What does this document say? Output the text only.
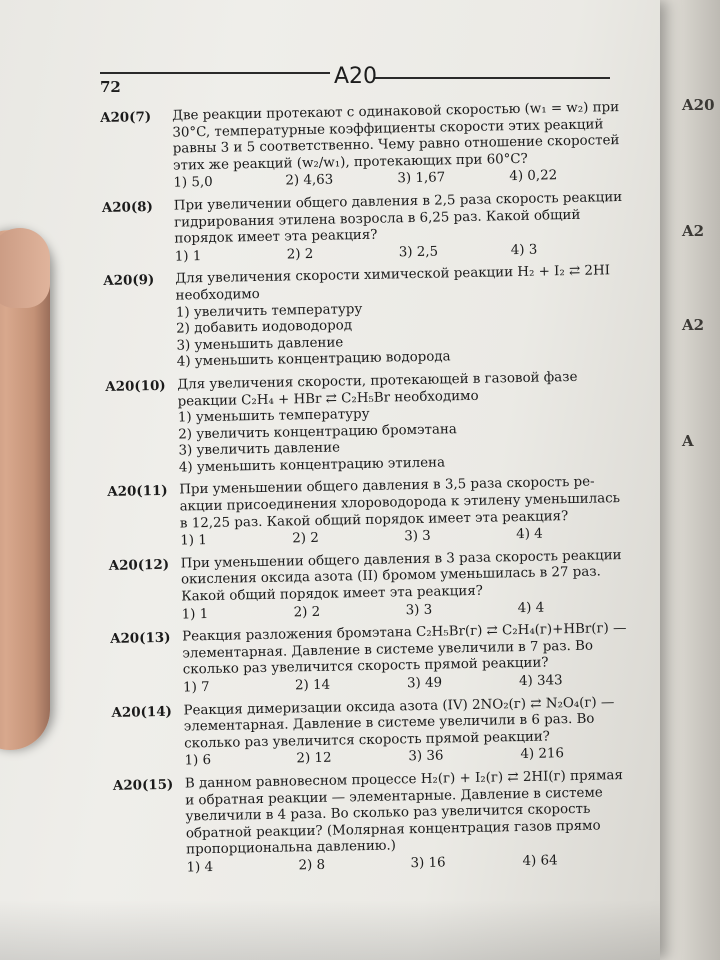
A20
A2
A2
A
72	A20
A20(7) Две реакции протекают с одинаковой скоростью (w₁ = w₂) при
30°C, температурные коэффициенты скорости этих реакций
равны 3 и 5 соответственно. Чему равно отношение скоростей
этих же реакций (w₂/w₁), протекающих при 60°C?
1) 5,0	2) 4,63	3) 1,67	4) 0,22
A20(8) При увеличении общего давления в 2,5 раза скорость реакции
гидрирования этилена возросла в 6,25 раз. Какой общий
порядок имеет эта реакция?
1) 1	2) 2	3) 2,5	4) 3
A20(9) Для увеличения скорости химической реакции H₂ + I₂ ⇄ 2HI
необходимо
1) увеличить температуру
2) добавить иодоводород
3) уменьшить давление
4) уменьшить концентрацию водорода
A20(10) Для увеличения скорости, протекающей в газовой фазе
реакции C₂H₄ + HBr ⇄ C₂H₅Br необходимо
1) уменьшить температуру
2) увеличить концентрацию бромэтана
3) увеличить давление
4) уменьшить концентрацию этилена
A20(11) При уменьшении общего давления в 3,5 раза скорость ре-
акции присоединения хлороводорода к этилену уменьшилась
в 12,25 раз. Какой общий порядок имеет эта реакция?
1) 1	2) 2	3) 3	4) 4
A20(12) При уменьшении общего давления в 3 раза скорость реакции
окисления оксида азота (II) бромом уменьшилась в 27 раз.
Какой общий порядок имеет эта реакция?
1) 1	2) 2	3) 3	4) 4
A20(13) Реакция разложения бромэтана C₂H₅Br(г) ⇄ C₂H₄(г)+HBr(г) —
элементарная. Давление в системе увеличили в 7 раз. Во
сколько раз увеличится скорость прямой реакции?
1) 7	2) 14	3) 49	4) 343
A20(14) Реакция димеризации оксида азота (IV) 2NO₂(г) ⇄ N₂O₄(г) —
элементарная. Давление в системе увеличили в 6 раз. Во
сколько раз увеличится скорость прямой реакции?
1) 6	2) 12	3) 36	4) 216
A20(15) В данном равновесном процессе H₂(г) + I₂(г) ⇄ 2HI(г) прямая
и обратная реакции — элементарные. Давление в системе
увеличили в 4 раза. Во сколько раз увеличится скорость
обратной реакции? (Молярная концентрация газов прямо
пропорциональна давлению.)
1) 4	2) 8	3) 16	4) 64
